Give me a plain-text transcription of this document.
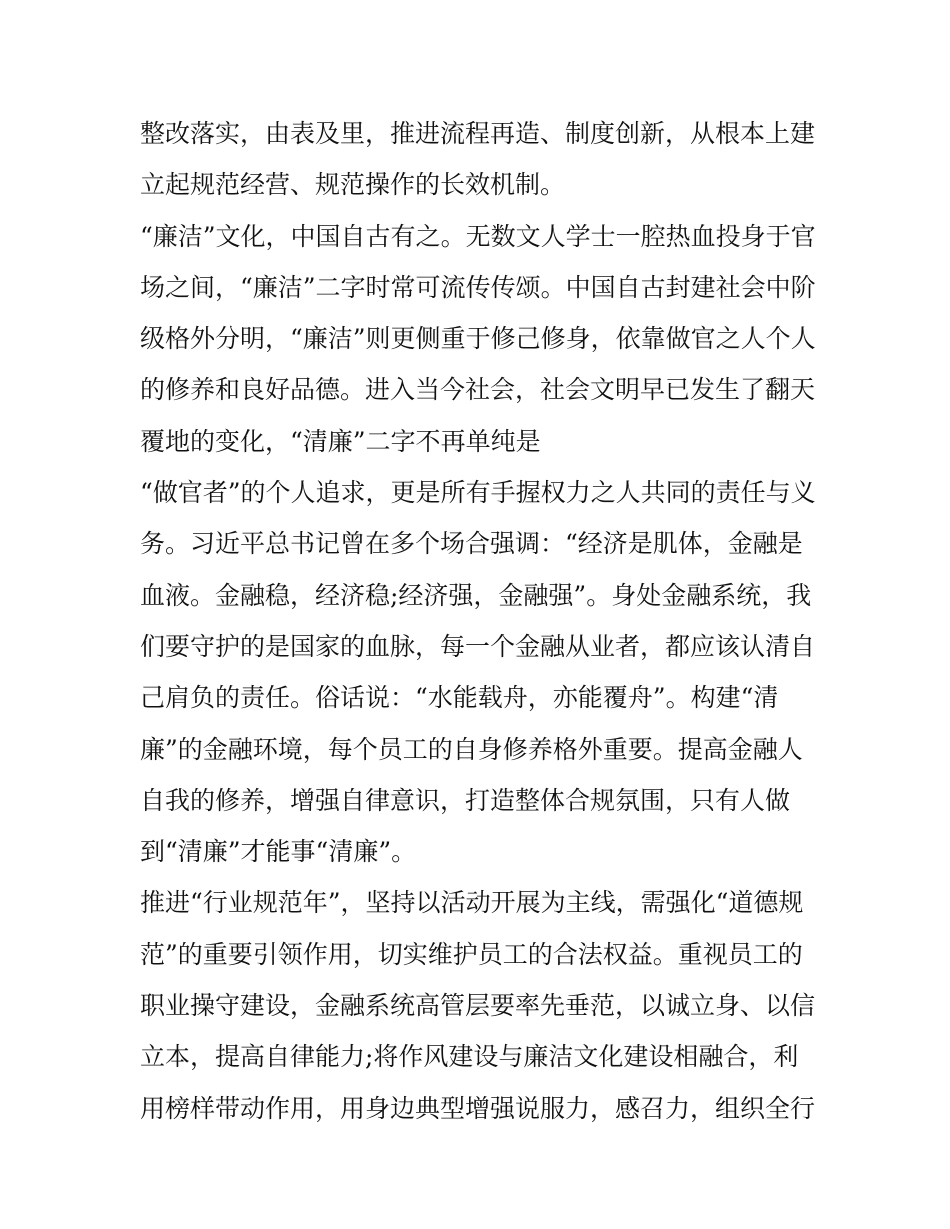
整改落实，由表及里，推进流程再造、制度创新，从根本上建
立起规范经营、规范操作的长效机制。
“廉洁”文化，中国自古有之。无数文人学士一腔热血投身于官
场之间，“廉洁”二字时常可流传传颂。中国自古封建社会中阶
级格外分明，“廉洁”则更侧重于修己修身，依靠做官之人个人
的修养和良好品德。进入当今社会，社会文明早已发生了翻天
覆地的变化，“清廉”二字不再单纯是
“做官者”的个人追求，更是所有手握权力之人共同的责任与义
务。习近平总书记曾在多个场合强调：“经济是肌体，金融是
血液。金融稳，经济稳;经济强，金融强”。身处金融系统，我
们要守护的是国家的血脉，每一个金融从业者，都应该认清自
己肩负的责任。俗话说：“水能载舟，亦能覆舟”。构建“清
廉”的金融环境，每个员工的自身修养格外重要。提高金融人
自我的修养，增强自律意识，打造整体合规氛围，只有人做
到“清廉”才能事“清廉”。
推进“行业规范年”，坚持以活动开展为主线，需强化“道德规
范”的重要引领作用，切实维护员工的合法权益。重视员工的
职业操守建设，金融系统高管层要率先垂范，以诚立身、以信
立本，提高自律能力;将作风建设与廉洁文化建设相融合，利
用榜样带动作用，用身边典型增强说服力，感召力，组织全行
